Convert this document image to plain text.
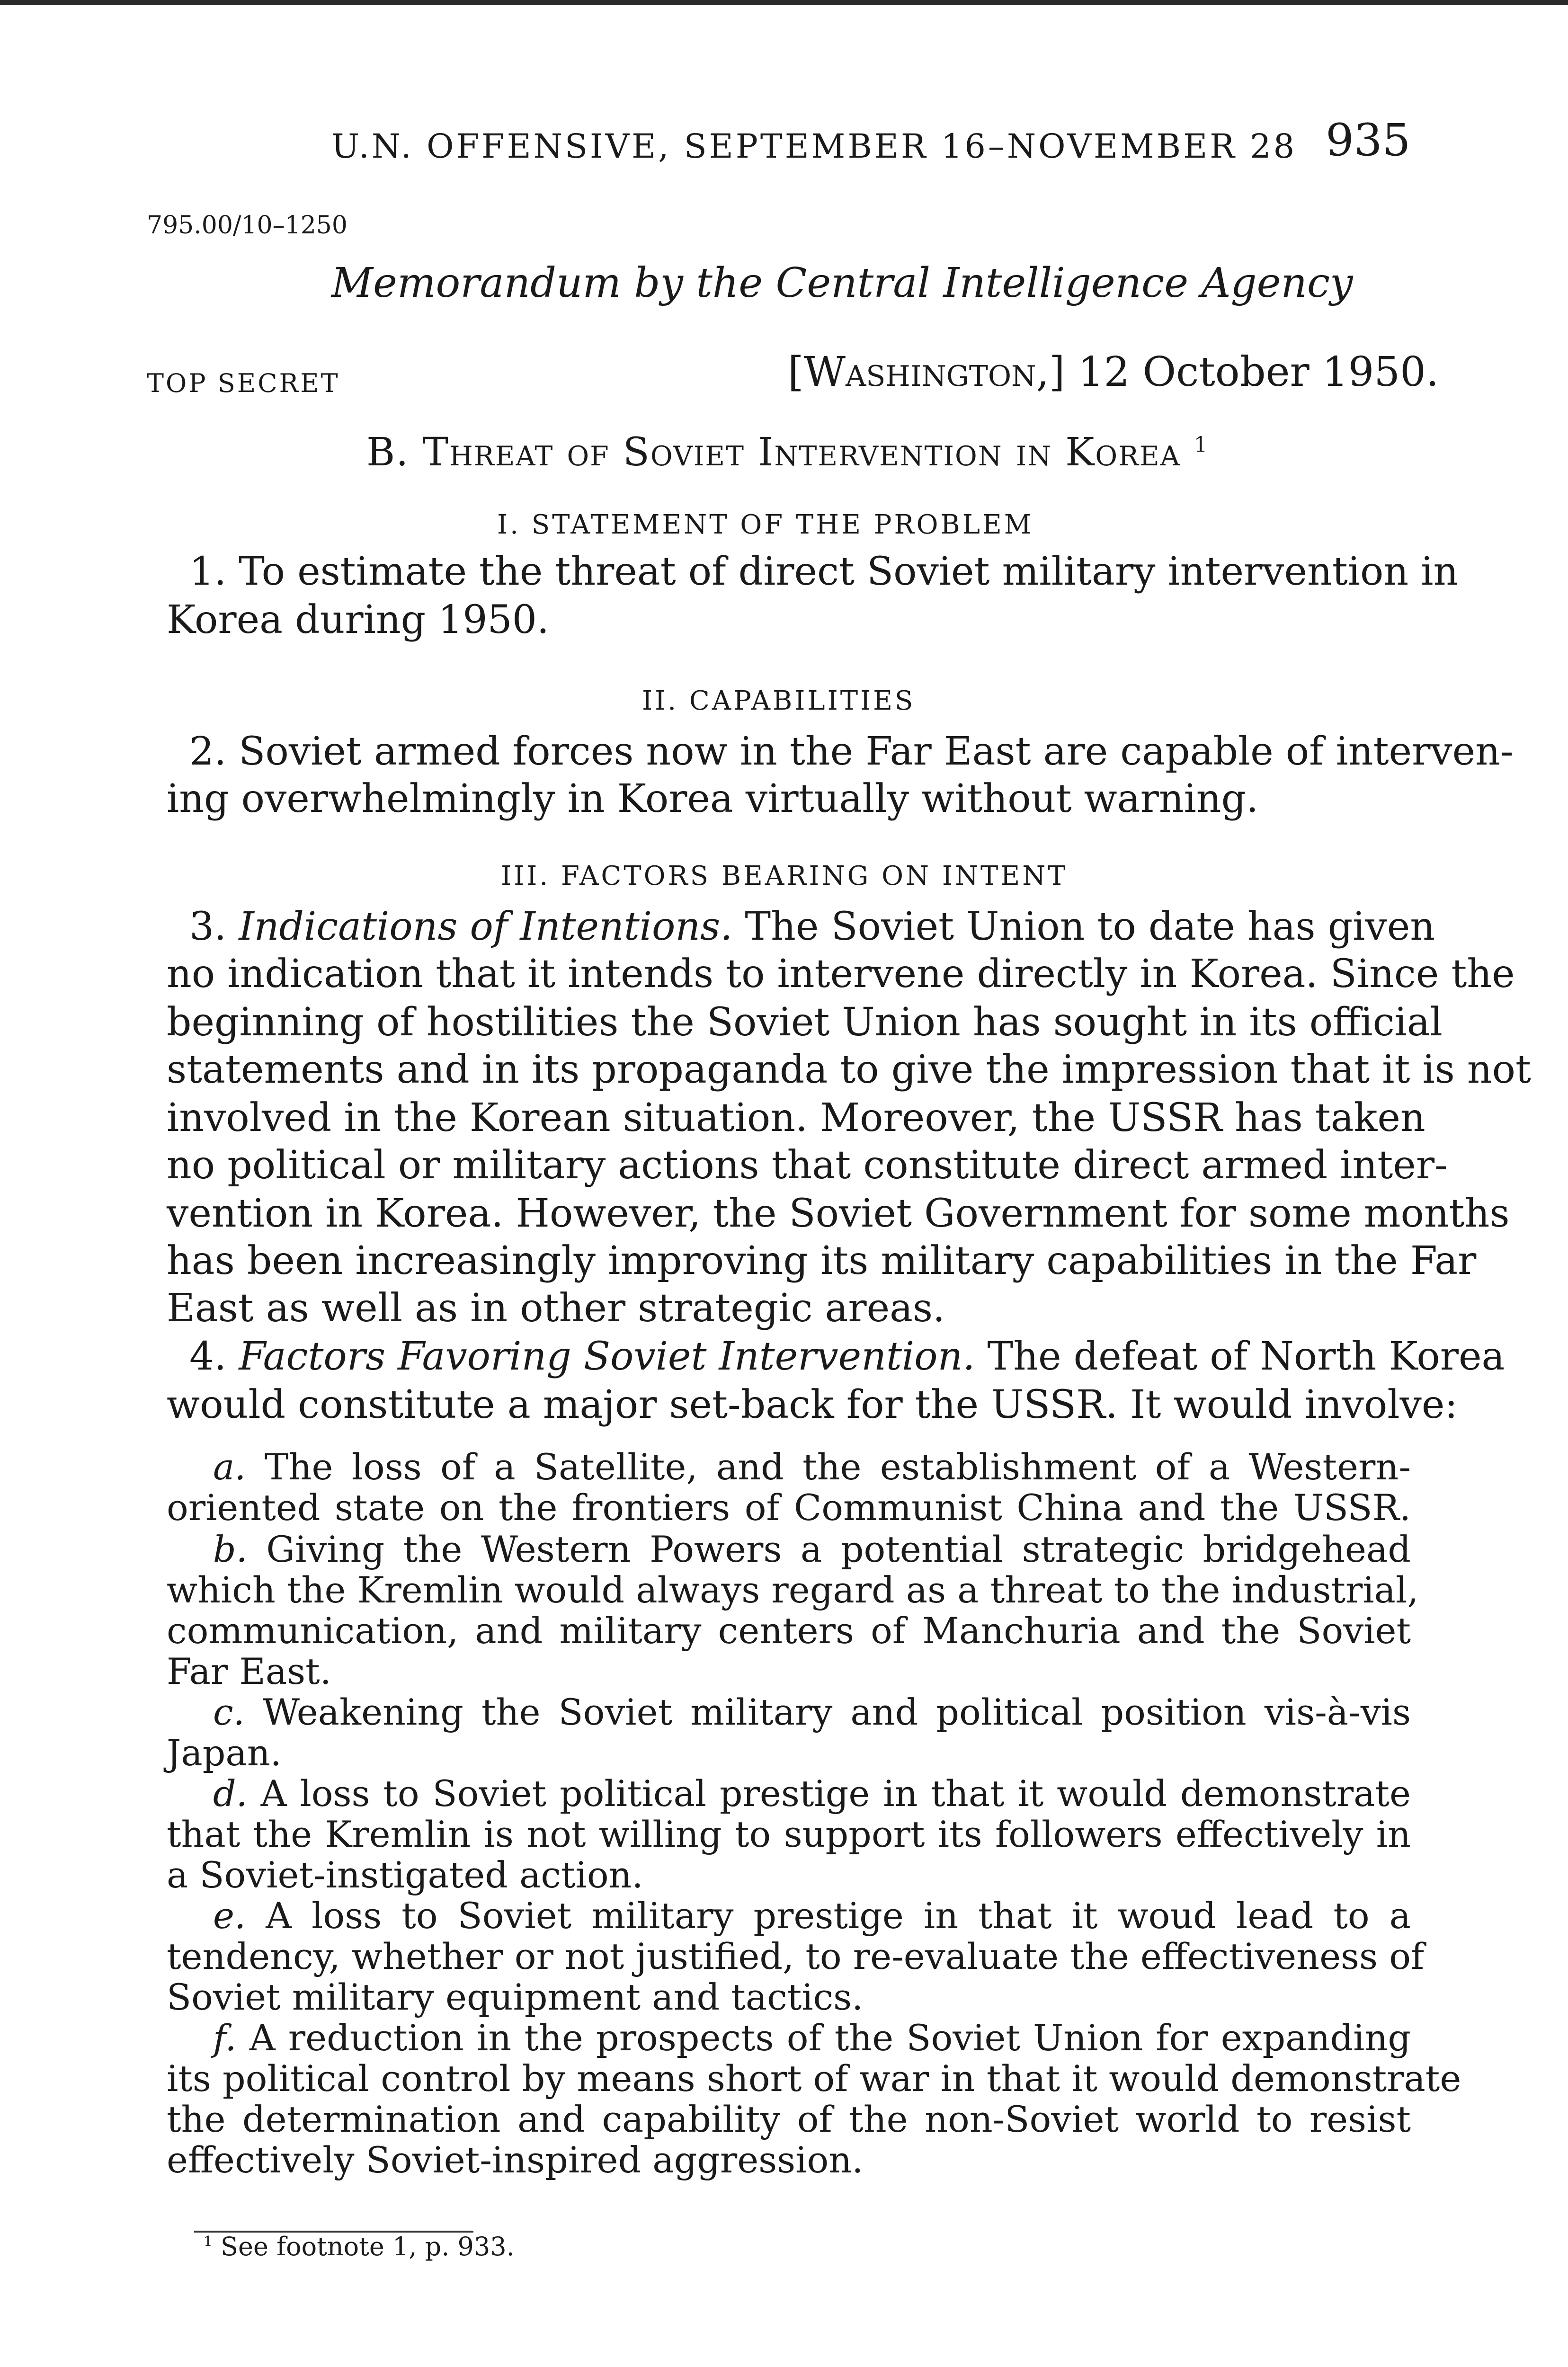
U.N. OFFENSIVE, SEPTEMBER 16–NOVEMBER 28 935

795.00/10–1250

Memorandum by the Central Intelligence Agency

TOP SECRET	[Washington,] 12 October 1950.

B. Threat of Soviet Intervention in Korea $^1$

I. STATEMENT OF THE PROBLEM

1. To estimate the threat of direct Soviet military intervention in

Korea during 1950.

II. CAPABILITIES

2. Soviet armed forces now in the Far East are capable of interven-

ing overwhelmingly in Korea virtually without warning.

III. FACTORS BEARING ON INTENT

3. Indications of Intentions. The Soviet Union to date has given

no indication that it intends to intervene directly in Korea. Since the

beginning of hostilities the Soviet Union has sought in its official

statements and in its propaganda to give the impression that it is not

involved in the Korean situation. Moreover, the USSR has taken

no political or military actions that constitute direct armed inter-

vention in Korea. However, the Soviet Government for some months

has been increasingly improving its military capabilities in the Far

East as well as in other strategic areas.

4. Factors Favoring Soviet Intervention. The defeat of North Korea

would constitute a major set-back for the USSR. It would involve:

a. The loss of a Satellite, and the establishment of a Western-

oriented state on the frontiers of Communist China and the USSR.

b. Giving the Western Powers a potential strategic bridgehead

which the Kremlin would always regard as a threat to the industrial,

communication, and military centers of Manchuria and the Soviet

Far East.

c. Weakening the Soviet military and political position vis-à-vis

Japan.

d. A loss to Soviet political prestige in that it would demonstrate

that the Kremlin is not willing to support its followers effectively in

a Soviet-instigated action.

e. A loss to Soviet military prestige in that it woud lead to a

tendency, whether or not justified, to re-evaluate the effectiveness of

Soviet military equipment and tactics.

f. A reduction in the prospects of the Soviet Union for expanding

its political control by means short of war in that it would demonstrate

the determination and capability of the non-Soviet world to resist

effectively Soviet-inspired aggression.

$^1$ See footnote 1, p. 933.
